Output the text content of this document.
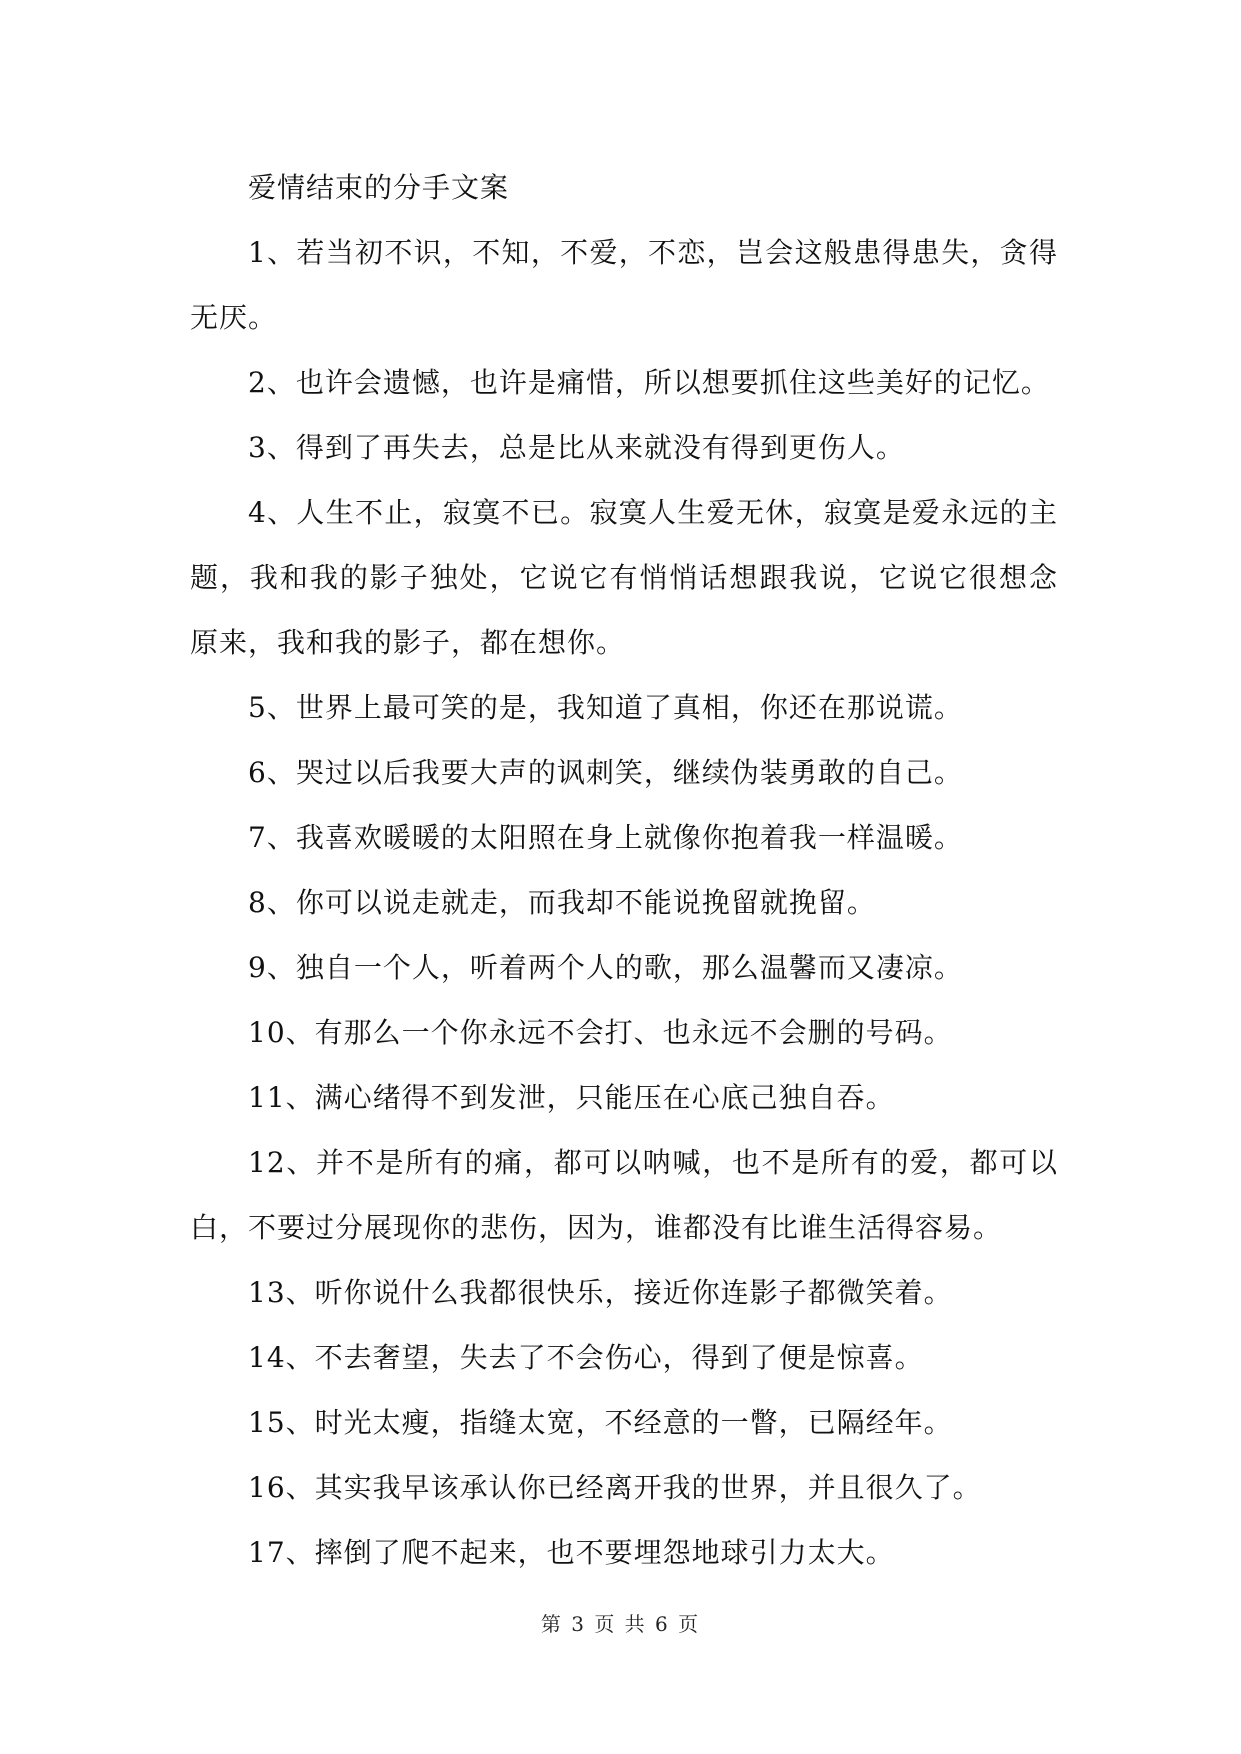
爱情结束的分手文案
1、若当初不识，不知，不爱，不恋，岂会这般患得患失，贪得
无厌。
2、也许会遗憾，也许是痛惜，所以想要抓住这些美好的记忆。
3、得到了再失去，总是比从来就没有得到更伤人。
4、人生不止，寂寞不已。寂寞人生爱无休，寂寞是爱永远的主
题，我和我的影子独处，它说它有悄悄话想跟我说，它说它很想念
原来，我和我的影子，都在想你。
5、世界上最可笑的是，我知道了真相，你还在那说谎。
6、哭过以后我要大声的讽刺笑，继续伪装勇敢的自己。
7、我喜欢暖暖的太阳照在身上就像你抱着我一样温暖。
8、你可以说走就走，而我却不能说挽留就挽留。
9、独自一个人，听着两个人的歌，那么温馨而又凄凉。
10、有那么一个你永远不会打、也永远不会删的号码。
11、满心绪得不到发泄，只能压在心底己独自吞。
12、并不是所有的痛，都可以呐喊，也不是所有的爱，都可以
白，不要过分展现你的悲伤，因为，谁都没有比谁生活得容易。
13、听你说什么我都很快乐，接近你连影子都微笑着。
14、不去奢望，失去了不会伤心，得到了便是惊喜。
15、时光太瘦，指缝太宽，不经意的一瞥，已隔经年。
16、其实我早该承认你已经离开我的世界，并且很久了。
17、摔倒了爬不起来，也不要埋怨地球引力太大。
第 3 页 共 6 页
